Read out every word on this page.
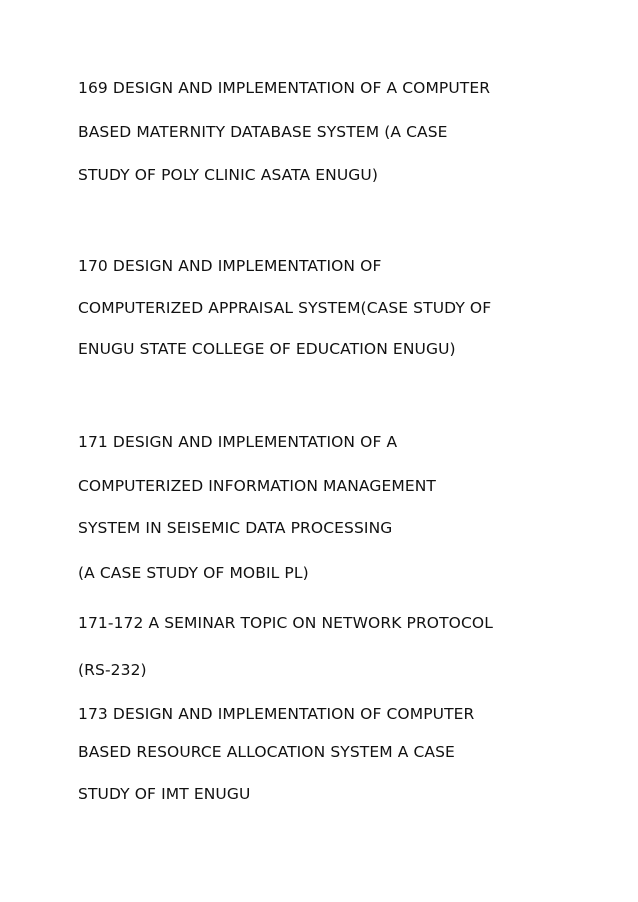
169 DESIGN AND IMPLEMENTATION OF A COMPUTER
BASED MATERNITY DATABASE SYSTEM (A CASE
STUDY OF POLY CLINIC ASATA ENUGU)
170 DESIGN AND IMPLEMENTATION OF
COMPUTERIZED APPRAISAL SYSTEM(CASE STUDY OF
ENUGU STATE COLLEGE OF EDUCATION ENUGU)
171 DESIGN AND IMPLEMENTATION OF A
COMPUTERIZED INFORMATION MANAGEMENT
SYSTEM IN SEISEMIC DATA PROCESSING
(A CASE STUDY OF MOBIL PL)
171-172 A SEMINAR TOPIC ON NETWORK PROTOCOL
(RS-232)
173 DESIGN AND IMPLEMENTATION OF COMPUTER
BASED RESOURCE ALLOCATION SYSTEM A CASE
STUDY OF IMT ENUGU
